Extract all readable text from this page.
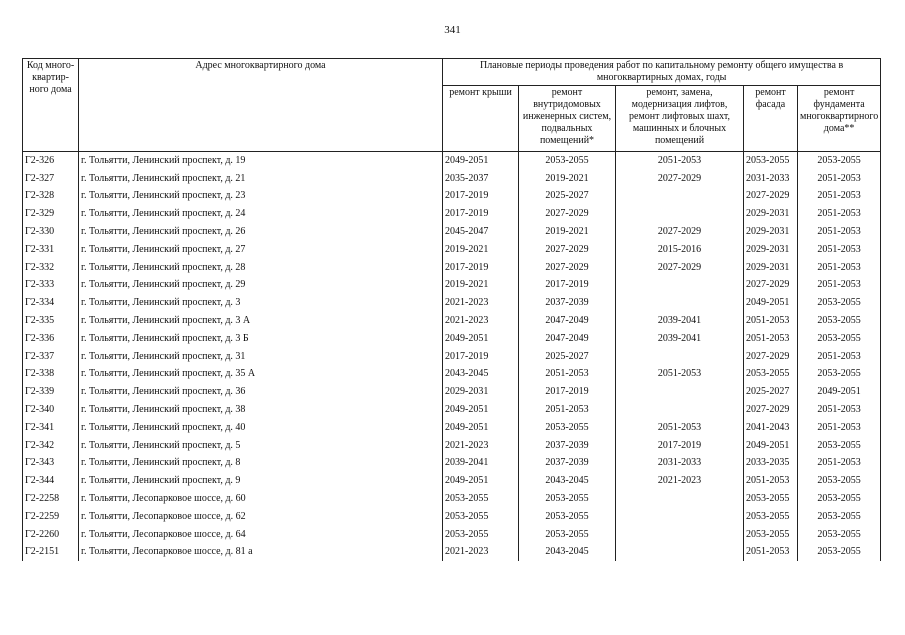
341
Код много-квартир-ного дома	Адрес многоквартирного дома	Плановые периоды проведения работ по капитальному ремонту общего имущества в многоквартирных домах, годы				
		ремонт крыши	ремонт внутридомовых инженерных систем, подвальных помещений*	ремонт, замена, модернизация лифтов, ремонт лифтовых шахт, машинных и блочных помещений	ремонт фасада	ремонт фундамента многоквартирного дома**
Г2-326	г. Тольятти, Ленинский проспект, д. 19	2049-2051	2053-2055	2051-2053	2053-2055	2053-2055
Г2-327	г. Тольятти, Ленинский проспект, д. 21	2035-2037	2019-2021	2027-2029	2031-2033	2051-2053
Г2-328	г. Тольятти, Ленинский проспект, д. 23	2017-2019	2025-2027		2027-2029	2051-2053
Г2-329	г. Тольятти, Ленинский проспект, д. 24	2017-2019	2027-2029		2029-2031	2051-2053
Г2-330	г. Тольятти, Ленинский проспект, д. 26	2045-2047	2019-2021	2027-2029	2029-2031	2051-2053
Г2-331	г. Тольятти, Ленинский проспект, д. 27	2019-2021	2027-2029	2015-2016	2029-2031	2051-2053
Г2-332	г. Тольятти, Ленинский проспект, д. 28	2017-2019	2027-2029	2027-2029	2029-2031	2051-2053
Г2-333	г. Тольятти, Ленинский проспект, д. 29	2019-2021	2017-2019		2027-2029	2051-2053
Г2-334	г. Тольятти, Ленинский проспект, д. 3	2021-2023	2037-2039		2049-2051	2053-2055
Г2-335	г. Тольятти, Ленинский проспект, д. 3 А	2021-2023	2047-2049	2039-2041	2051-2053	2053-2055
Г2-336	г. Тольятти, Ленинский проспект, д. 3 Б	2049-2051	2047-2049	2039-2041	2051-2053	2053-2055
Г2-337	г. Тольятти, Ленинский проспект, д. 31	2017-2019	2025-2027		2027-2029	2051-2053
Г2-338	г. Тольятти, Ленинский проспект, д. 35 А	2043-2045	2051-2053	2051-2053	2053-2055	2053-2055
Г2-339	г. Тольятти, Ленинский проспект, д. 36	2029-2031	2017-2019		2025-2027	2049-2051
Г2-340	г. Тольятти, Ленинский проспект, д. 38	2049-2051	2051-2053		2027-2029	2051-2053
Г2-341	г. Тольятти, Ленинский проспект, д. 40	2049-2051	2053-2055	2051-2053	2041-2043	2051-2053
Г2-342	г. Тольятти, Ленинский проспект, д. 5	2021-2023	2037-2039	2017-2019	2049-2051	2053-2055
Г2-343	г. Тольятти, Ленинский проспект, д. 8	2039-2041	2037-2039	2031-2033	2033-2035	2051-2053
Г2-344	г. Тольятти, Ленинский проспект, д. 9	2049-2051	2043-2045	2021-2023	2051-2053	2053-2055
Г2-2258	г. Тольятти, Лесопарковое шоссе, д. 60	2053-2055	2053-2055		2053-2055	2053-2055
Г2-2259	г. Тольятти, Лесопарковое шоссе, д. 62	2053-2055	2053-2055		2053-2055	2053-2055
Г2-2260	г. Тольятти, Лесопарковое шоссе, д. 64	2053-2055	2053-2055		2053-2055	2053-2055
Г2-2151	г. Тольятти, Лесопарковое шоссе, д. 81 а	2021-2023	2043-2045		2051-2053	2053-2055
